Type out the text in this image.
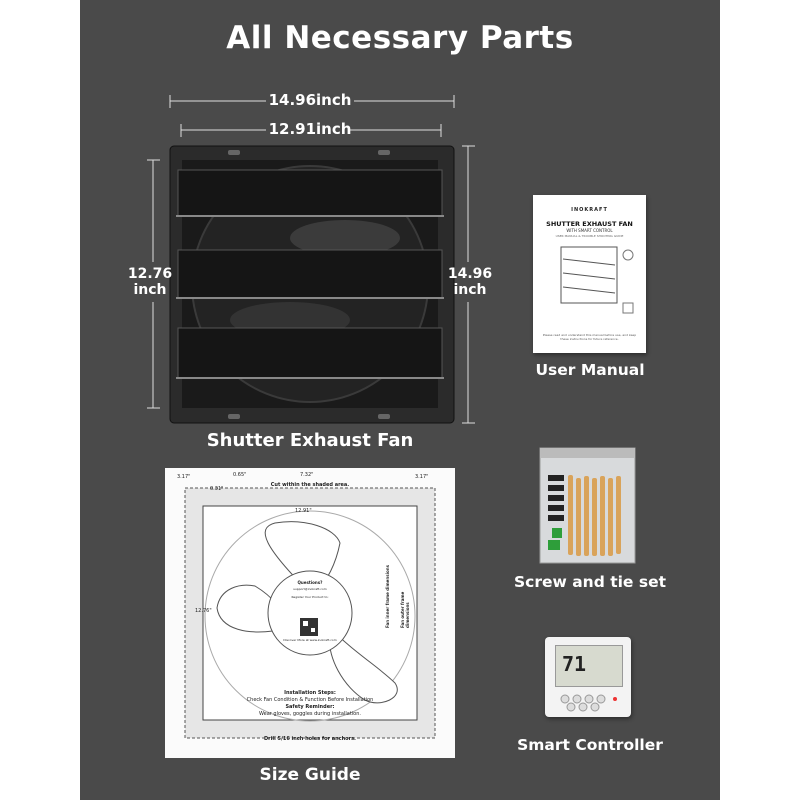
All Necessary Parts
14.96inch
12.91inch
12.76
inch
14.96
inch
Shutter Exhaust Fan
INOKRAFT
SHUTTER EXHAUST FAN
WITH SMART CONTROL
USER MANUAL & TROUBLE SHOOTING GUIDE
Please read and understand this manual before use, and keep these instructions for future reference.
User Manual
Screw and tie set
Cut within the shaded area.
Drill 5/16 inch holes for anchors.
3.17"	0.65"	7.32"	3.17"
0.31"
12.91"
12.76"
Questions?
support@inokraft.com
Register Your Product to:
Discover More at www.inokraft.com
Installation Steps:
Check Fan Condition & Function Before Installation
Safety Reminder:
Wear gloves, goggles during installation.
Fan inner frame dimensions	Fan outer frame dimensions
Size Guide
71
Smart Controller
